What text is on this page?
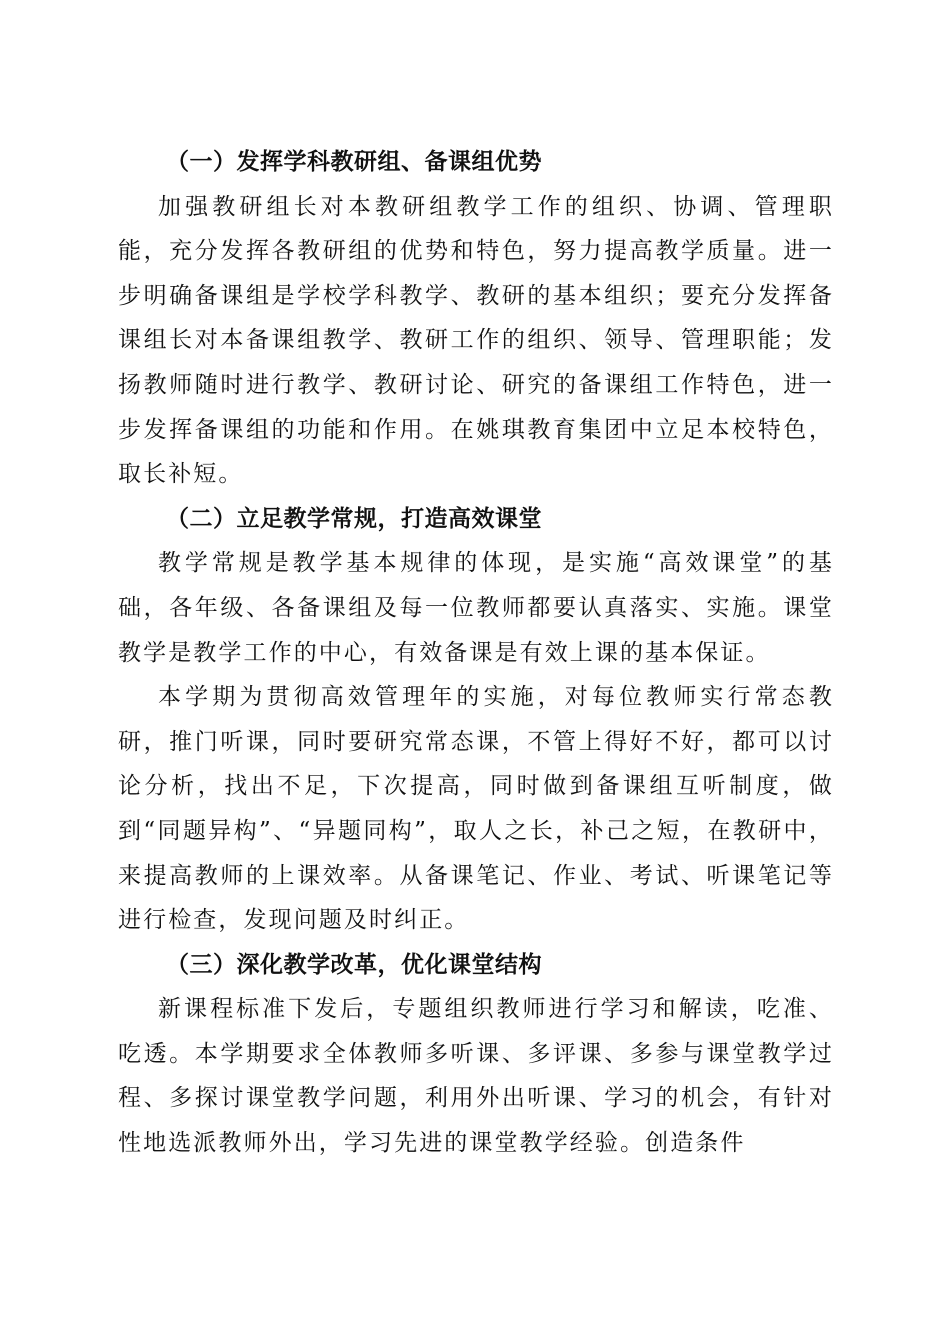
（一）发挥学科教研组、备课组优势

加强教研组长对本教研组教学工作的组织、协调、管理职能，充分发挥各教研组的优势和特色，努力提高教学质量。进一步明确备课组是学校学科教学、教研的基本组织；要充分发挥备课组长对本备课组教学、教研工作的组织、领导、管理职能；发扬教师随时进行教学、教研讨论、研究的备课组工作特色，进一步发挥备课组的功能和作用。在姚琪教育集团中立足本校特色，取长补短。

（二）立足教学常规，打造高效课堂

教学常规是教学基本规律的体现，是实施“高效课堂”的基础，各年级、各备课组及每一位教师都要认真落实、实施。课堂教学是教学工作的中心，有效备课是有效上课的基本保证。

本学期为贯彻高效管理年的实施，对每位教师实行常态教研，推门听课，同时要研究常态课，不管上得好不好，都可以讨论分析，找出不足，下次提高，同时做到备课组互听制度，做到“同题异构”、“异题同构”，取人之长，补己之短，在教研中，来提高教师的上课效率。从备课笔记、作业、考试、听课笔记等进行检查，发现问题及时纠正。

（三）深化教学改革，优化课堂结构

新课程标准下发后，专题组织教师进行学习和解读，吃准、吃透。本学期要求全体教师多听课、多评课、多参与课堂教学过程、多探讨课堂教学问题，利用外出听课、学习的机会，有针对性地选派教师外出，学习先进的课堂教学经验。创造条件
